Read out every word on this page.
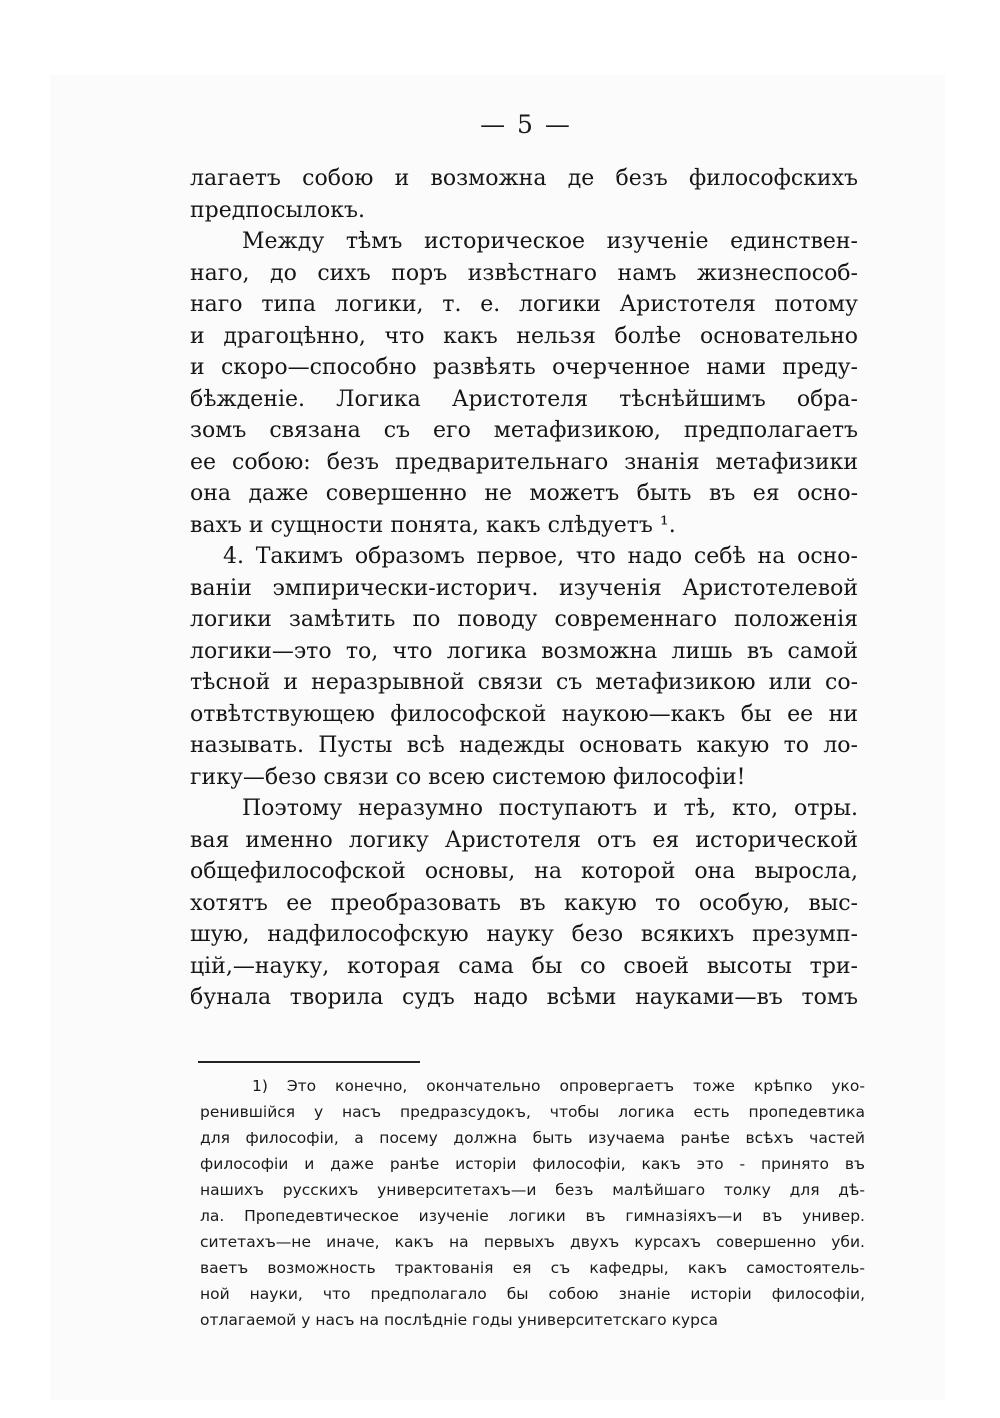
— 5 —
лагаетъ собою и возможна де безъ философскихъ
предпосылокъ.
Между тѣмъ историческое изученіе единствен-
наго, до сихъ поръ извѣстнаго намъ жизнеспособ-
наго типа логики, т. е. логики Аристотеля потому
и драгоцѣнно, что какъ нельзя болѣе основательно
и скоро—способно развѣять очерченное нами преду-
бѣжденіе. Логика Аристотеля тѣснѣйшимъ обра-
зомъ связана съ его метафизикою, предполагаетъ
ее собою: безъ предварительнаго знанія метафизики
она даже совершенно не можетъ быть въ ея осно-
вахъ и сущности понята, какъ слѣдуетъ ¹.
4. Такимъ образомъ первое, что надо себѣ на осно-
ваніи эмпирически-историч. изученія Аристотелевой
логики замѣтить по поводу современнаго положенія
логики—это то, что логика возможна лишь въ самой
тѣсной и неразрывной связи съ метафизикою или со-
отвѣтствующею философской наукою—какъ бы ее ни
называть. Пусты всѣ надежды основать какую то ло-
гику—безо связи со всею системою философіи!
Поэтому неразумно поступаютъ и тѣ, кто, отры.
вая именно логику Аристотеля отъ ея исторической
общефилософской основы, на которой она выросла,
хотятъ ее преобразовать въ какую то особую, выс-
шую, надфилософскую науку безо всякихъ презумп-
цій,—науку, которая сама бы со своей высоты три-
бунала творила судъ надо всѣми науками—въ томъ
1) Это конечно, окончательно опровергаетъ тоже крѣпко уко-
ренившійся у насъ предразсудокъ, чтобы логика есть пропедевтика
для философіи, а посему должна быть изучаема ранѣе всѣхъ частей
философіи и даже ранѣе исторіи философіи, какъ это - принято въ
нашихъ русскихъ университетахъ—и безъ малѣйшаго толку для дѣ-
ла. Пропедевтическое изученіе логики въ гимназіяхъ—и въ универ.
ситетахъ—не иначе, какъ на первыхъ двухъ курсахъ совершенно уби.
ваетъ возможность трактованія ея съ кафедры, какъ самостоятель-
ной науки, что предполагало бы собою знаніе исторіи философіи,
отлагаемой у насъ на послѣдніе годы университетскаго курса
